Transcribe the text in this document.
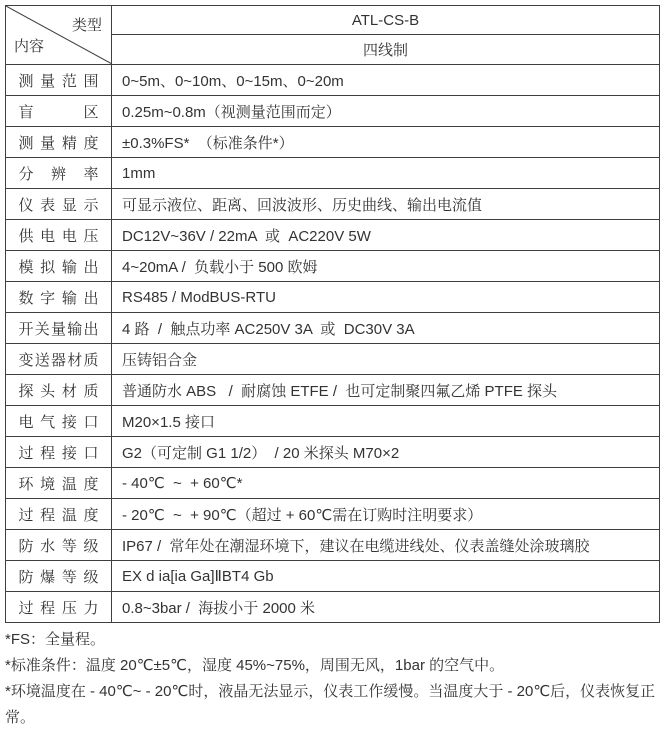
类型
内容
ATL-CS-B
四线制
测量范围	0~5m、0~10m、0~15m、0~20m
盲区	0.25m~0.8m（视测量范围而定）
测量精度	±0.3%FS*  （标准条件*）
分辨率	1mm
仪表显示	可显示液位、距离、回波波形、历史曲线、输出电流值
供电电压	DC12V~36V / 22mA  或  AC220V 5W
模拟输出	4~20mA /  负载小于 500 欧姆
数字输出	RS485 / ModBUS-RTU
开关量输出	4 路  /  触点功率 AC250V 3A  或  DC30V 3A
变送器材质	压铸铝合金
探头材质	普通防水 ABS   /  耐腐蚀 ETFE /  也可定制聚四氟乙烯 PTFE 探头
电气接口	M20×1.5 接口
过程接口	G2（可定制 G1 1/2）  / 20 米探头 M70×2
环境温度	- 40℃  ~  + 60℃*
过程温度	- 20℃  ~  + 90℃（超过 + 60℃需在订购时注明要求）
防水等级	IP67 /  常年处在潮湿环境下，建议在电缆进线处、仪表盖缝处涂玻璃胶
防爆等级	EX d ia[ia Ga]ⅡBT4 Gb
过程压力	0.8~3bar /  海拔小于 2000 米
*FS：全量程。
*标准条件：温度 20℃±5℃，湿度 45%~75%，周围无风，1bar 的空气中。
*环境温度在 - 40℃~ - 20℃时，液晶无法显示，仪表工作缓慢。当温度大于 - 20℃后，仪表恢复正常。
